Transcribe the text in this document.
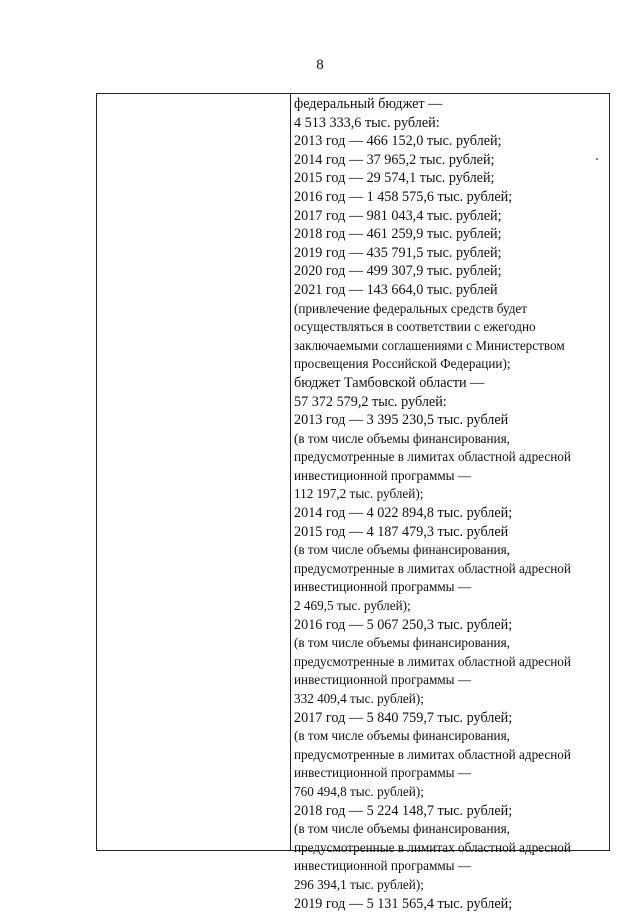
8
федеральный бюджет —
4 513 333,6 тыс. рублей:
2013 год — 466 152,0 тыс. рублей;
2014 год — 37 965,2 тыс. рублей;
2015 год — 29 574,1 тыс. рублей;
2016 год — 1 458 575,6 тыс. рублей;
2017 год — 981 043,4 тыс. рублей;
2018 год — 461 259,9 тыс. рублей;
2019 год — 435 791,5 тыс. рублей;
2020 год — 499 307,9 тыс. рублей;
2021 год — 143 664,0 тыс. рублей
(привлечение федеральных средств будет
осуществляться в соответствии с ежегодно
заключаемыми соглашениями с Министерством
просвещения Российской Федерации);
бюджет Тамбовской области —
57 372 579,2 тыс. рублей:
2013 год — 3 395 230,5 тыс. рублей
(в том числе объемы финансирования,
предусмотренные в лимитах областной адресной
инвестиционной программы —
112 197,2 тыс. рублей);
2014 год — 4 022 894,8 тыс. рублей;
2015 год — 4 187 479,3 тыс. рублей
(в том числе объемы финансирования,
предусмотренные в лимитах областной адресной
инвестиционной программы —
2 469,5 тыс. рублей);
2016 год — 5 067 250,3 тыс. рублей;
(в том числе объемы финансирования,
предусмотренные в лимитах областной адресной
инвестиционной программы —
332 409,4 тыс. рублей);
2017 год — 5 840 759,7 тыс. рублей;
(в том числе объемы финансирования,
предусмотренные в лимитах областной адресной
инвестиционной программы —
760 494,8 тыс. рублей);
2018 год — 5 224 148,7 тыс. рублей;
(в том числе объемы финансирования,
предусмотренные в лимитах областной адресной
инвестиционной программы —
296 394,1 тыс. рублей);
2019 год — 5 131 565,4 тыс. рублей;
